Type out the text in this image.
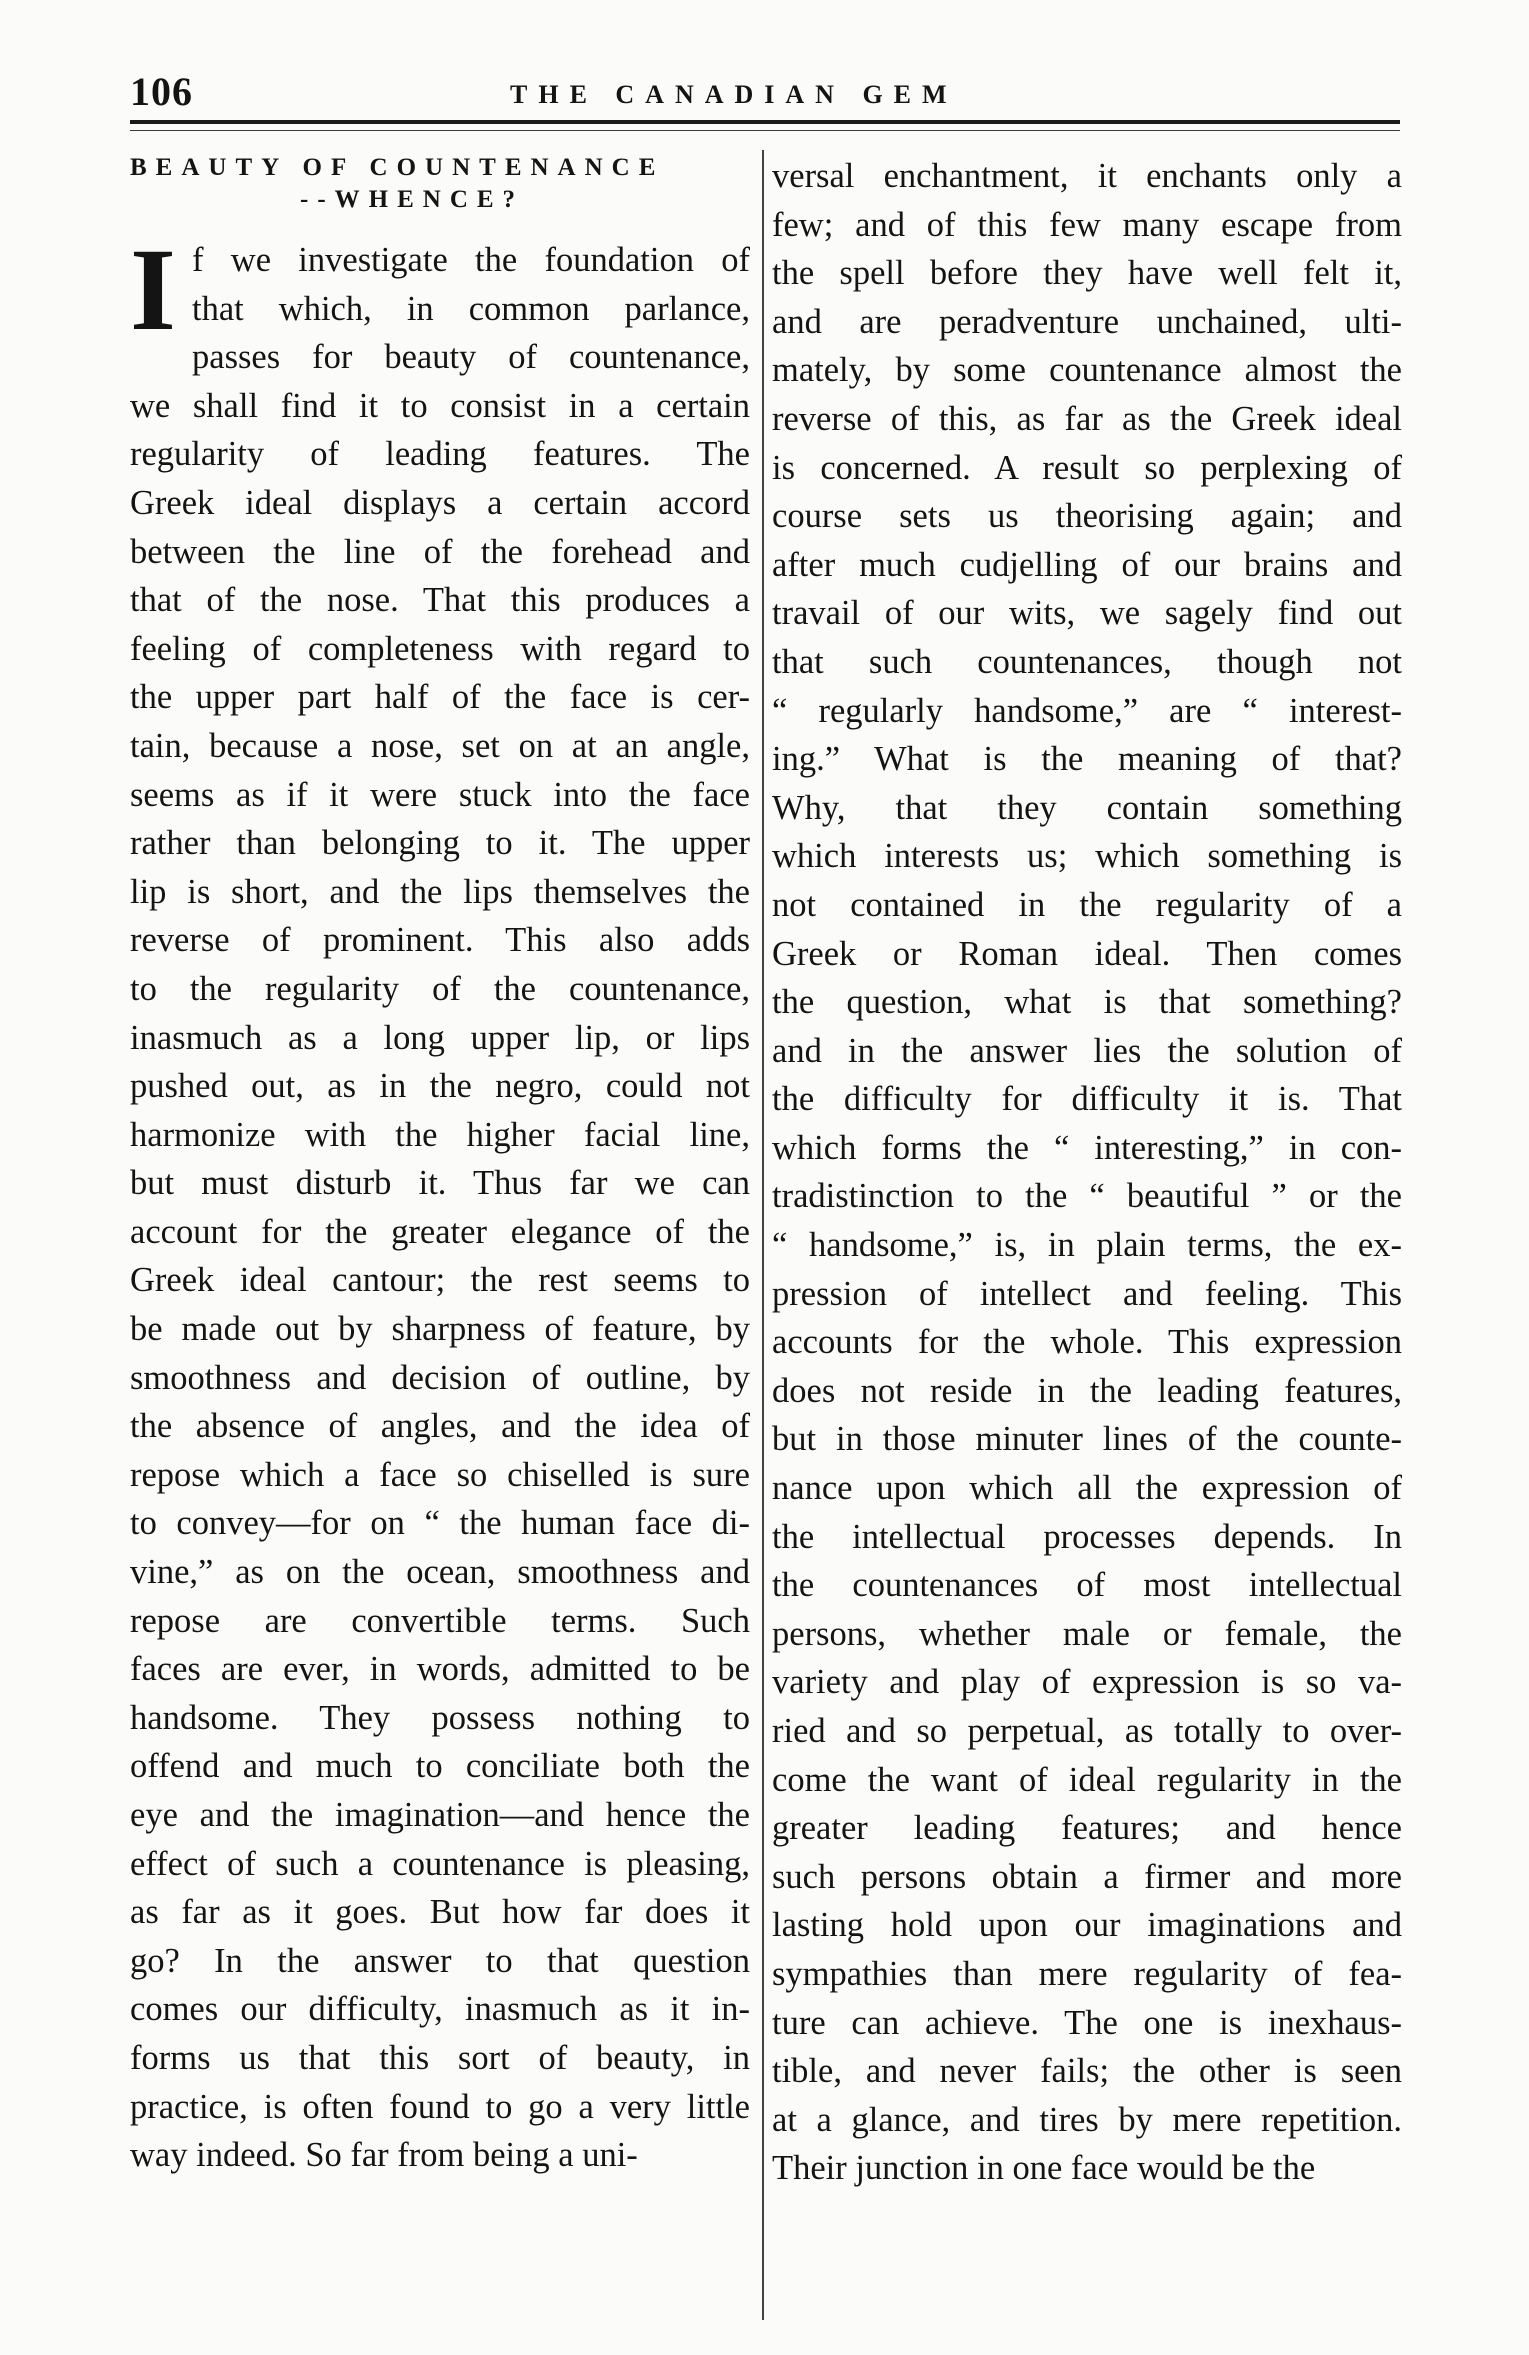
106	THE CANADIAN GEM
BEAUTY OF COUNTENANCE
--WHENCE?
I f we investigate the foundation of
that which, in common parlance,
passes for beauty of countenance,
we shall find it to consist in a certain
regularity of leading features. The
Greek ideal displays a certain accord
between the line of the forehead and
that of the nose. That this produces a
feeling of completeness with regard to
the upper part half of the face is cer-
tain, because a nose, set on at an angle,
seems as if it were stuck into the face
rather than belonging to it. The upper
lip is short, and the lips themselves the
reverse of prominent. This also adds
to the regularity of the countenance,
inasmuch as a long upper lip, or lips
pushed out, as in the negro, could not
harmonize with the higher facial line,
but must disturb it. Thus far we can
account for the greater elegance of the
Greek ideal cantour; the rest seems to
be made out by sharpness of feature, by
smoothness and decision of outline, by
the absence of angles, and the idea of
repose which a face so chiselled is sure
to convey—for on “ the human face di-
vine,” as on the ocean, smoothness and
repose are convertible terms. Such
faces are ever, in words, admitted to be
handsome. They possess nothing to
offend and much to conciliate both the
eye and the imagination—and hence the
effect of such a countenance is pleasing,
as far as it goes. But how far does it
go? In the answer to that question
comes our difficulty, inasmuch as it in-
forms us that this sort of beauty, in
practice, is often found to go a very little
way indeed. So far from being a uni-
versal enchantment, it enchants only a
few; and of this few many escape from
the spell before they have well felt it,
and are peradventure unchained, ulti-
mately, by some countenance almost the
reverse of this, as far as the Greek ideal
is concerned. A result so perplexing of
course sets us theorising again; and
after much cudjelling of our brains and
travail of our wits, we sagely find out
that such countenances, though not
“ regularly handsome,” are “ interest-
ing.” What is the meaning of that?
Why, that they contain something
which interests us; which something is
not contained in the regularity of a
Greek or Roman ideal. Then comes
the question, what is that something?
and in the answer lies the solution of
the difficulty for difficulty it is. That
which forms the “ interesting,” in con-
tradistinction to the “ beautiful ” or the
“ handsome,” is, in plain terms, the ex-
pression of intellect and feeling. This
accounts for the whole. This expression
does not reside in the leading features,
but in those minuter lines of the counte-
nance upon which all the expression of
the intellectual processes depends. In
the countenances of most intellectual
persons, whether male or female, the
variety and play of expression is so va-
ried and so perpetual, as totally to over-
come the want of ideal regularity in the
greater leading features; and hence
such persons obtain a firmer and more
lasting hold upon our imaginations and
sympathies than mere regularity of fea-
ture can achieve. The one is inexhaus-
tible, and never fails; the other is seen
at a glance, and tires by mere repetition.
Their junction in one face would be the
